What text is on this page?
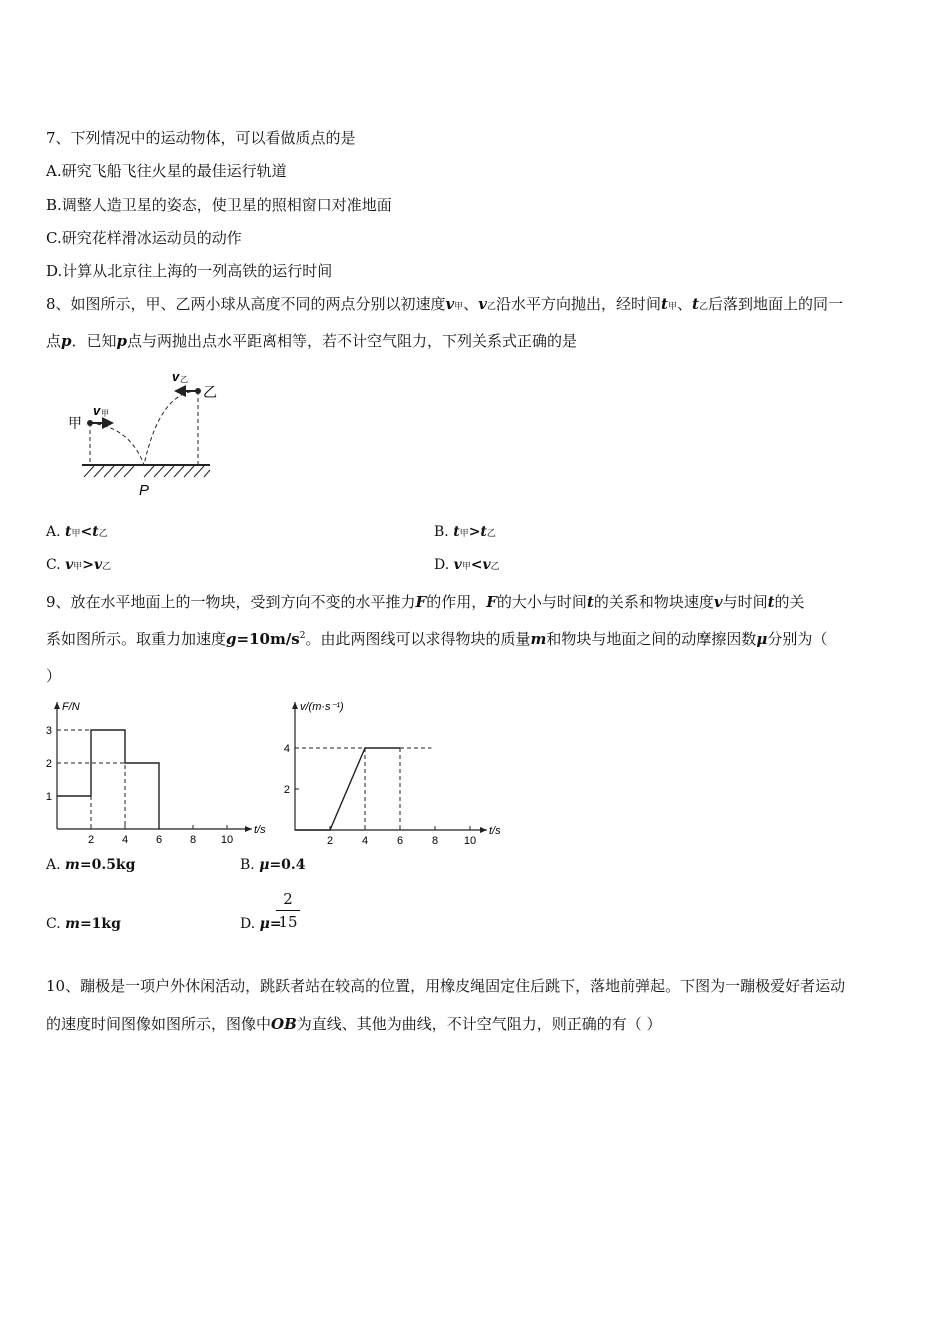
7、下列情况中的运动物体，可以看做质点的是
A.研究飞船飞往火星的最佳运行轨道
B.调整人造卫星的姿态，使卫星的照相窗口对准地面
C.研究花样滑冰运动员的动作
D.计算从北京往上海的一列高铁的运行时间
8、如图所示，甲、乙两小球从高度不同的两点分别以初速度v甲、v乙沿水平方向抛出，经时间t甲、t乙后落到地面上的同一
点p．已知p点与两抛出点水平距离相等，若不计空气阻力，下列关系式正确的是
甲
乙
v 甲
v 乙
P
A. t甲<t乙	B. t甲>t乙
C. v甲>v乙	D. v甲<v乙
9、放在水平地面上的一物块，受到方向不变的水平推力F的作用，F的大小与时间t的关系和物块速度v与时间t的关
系如图所示。取重力加速度$g=10m/s^2$。由此两图线可以求得物块的质量m和物块与地面之间的动摩擦因数μ分别为（
）
F/N
t/s
2	4	6	8 10
1
2
3
v/(m·s⁻¹)
t/s
2	4	6	8 10
2
4
A. m=0.5kg	B. μ=0.4
C. m=1kg	D. μ=
2
15
10、蹦极是一项户外休闲活动，跳跃者站在较高的位置，用橡皮绳固定住后跳下，落地前弹起。下图为一蹦极爱好者运动
的速度时间图像如图所示，图像中OB为直线、其他为曲线，不计空气阻力，则正确的有（ ）
